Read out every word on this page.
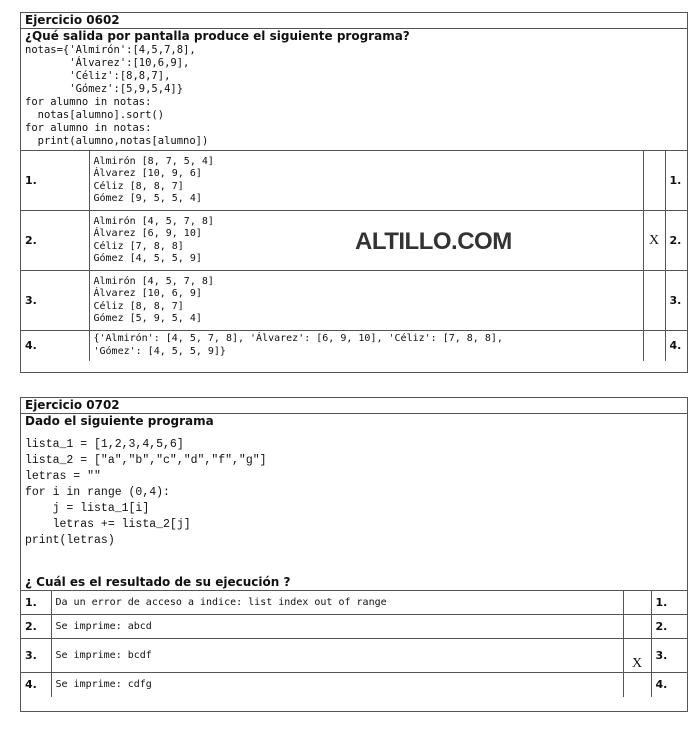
Ejercicio 0602
¿Qué salida por pantalla produce el siguiente programa?
notas={'Almirón':[4,5,7,8],
'Álvarez':[10,6,9],
'Céliz':[8,8,7],
'Gómez':[5,9,5,4]}
for alumno in notas:
notas[alumno].sort()
for alumno in notas:
print(alumno,notas[alumno])
1.	Almirón [8, 7, 5, 4]
Álvarez [10, 9, 6]
Céliz [8, 8, 7]
Gómez [9, 5, 5, 4]		1.
2.	Almirón [4, 5, 7, 8]
Álvarez [6, 9, 10]
Céliz [7, 8, 8]
Gómez [4, 5, 5, 9]	X	2.
3.	Almirón [4, 5, 7, 8]
Álvarez [10, 6, 9]
Céliz [8, 8, 7]
Gómez [5, 9, 5, 4]		3.
4.	{'Almirón': [4, 5, 7, 8], 'Álvarez': [6, 9, 10], 'Céliz': [7, 8, 8],
'Gómez': [4, 5, 5, 9]}		4.
ALTILLO.COM
Ejercicio 0702
Dado el siguiente programa
lista_1 = [1,2,3,4,5,6]
lista_2 = ["a","b","c","d","f","g"]
letras = ""
for i in range (0,4):
j = lista_1[i]
letras += lista_2[j]
print(letras)
¿ Cuál es el resultado de su ejecución ?
1.	Da un error de acceso a indice: list index out of range		1.
2.	Se imprime: abcd		2.
3.	Se imprime: bcdf	X	3.
4.	Se imprime: cdfg		4.
